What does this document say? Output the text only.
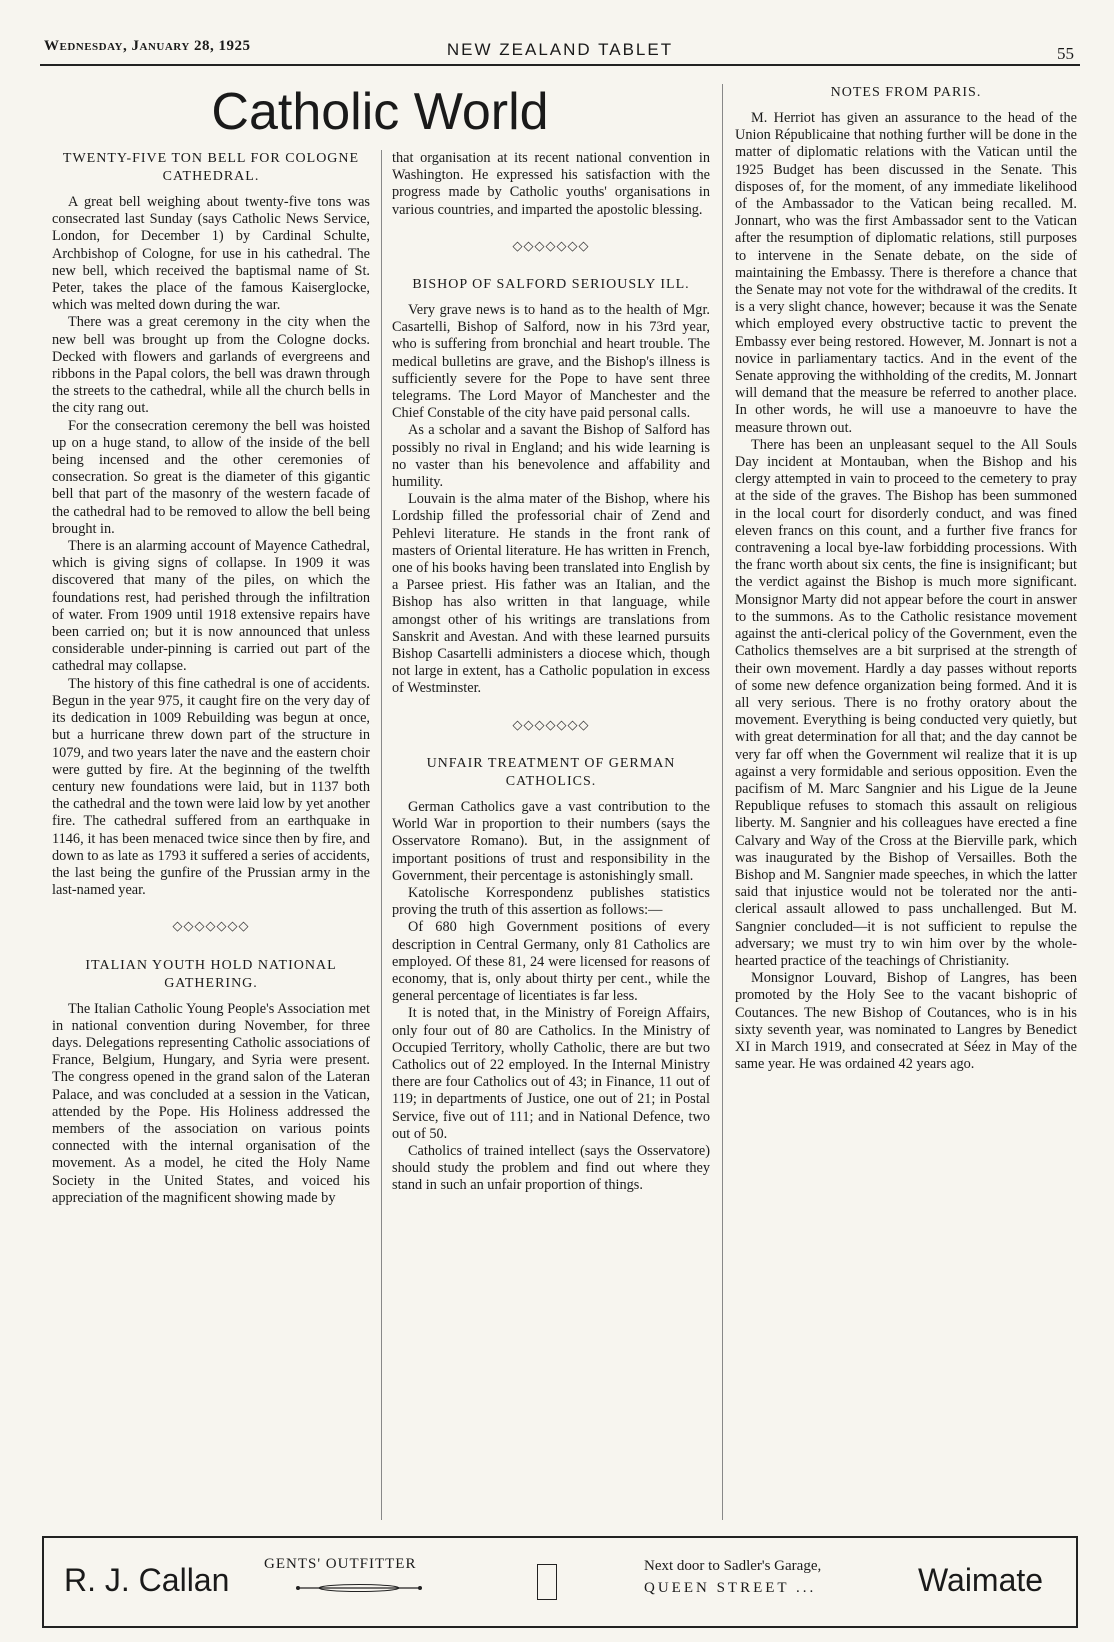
Wednesday, January 28, 1925	NEW ZEALAND TABLET	55
Catholic World
TWENTY-FIVE TON BELL FOR COLOGNE CATHEDRAL.

A great bell weighing about twenty-five tons was consecrated last Sunday (says Catholic News Service, London, for December 1) by Cardinal Schulte, Archbishop of Cologne, for use in his cathedral. The new bell, which received the baptismal name of St. Peter, takes the place of the famous Kaiserglocke, which was melted down during the war.

There was a great ceremony in the city when the new bell was brought up from the Cologne docks. Decked with flowers and garlands of evergreens and ribbons in the Papal colors, the bell was drawn through the streets to the cathedral, while all the church bells in the city rang out.

For the consecration ceremony the bell was hoisted up on a huge stand, to allow of the inside of the bell being incensed and the other ceremonies of consecration. So great is the diameter of this gigantic bell that part of the masonry of the western facade of the cathedral had to be removed to allow the bell being brought in.

There is an alarming account of Mayence Cathedral, which is giving signs of collapse. In 1909 it was discovered that many of the piles, on which the foundations rest, had perished through the infiltration of water. From 1909 until 1918 extensive repairs have been carried on; but it is now announced that unless considerable under-pinning is carried out part of the cathedral may collapse.

The history of this fine cathedral is one of accidents. Begun in the year 975, it caught fire on the very day of its dedication in 1009 Rebuilding was begun at once, but a hurricane threw down part of the structure in 1079, and two years later the nave and the eastern choir were gutted by fire. At the beginning of the twelfth century new foundations were laid, but in 1137 both the cathedral and the town were laid low by yet another fire. The cathedral suffered from an earthquake in 1146, it has been menaced twice since then by fire, and down to as late as 1793 it suffered a series of accidents, the last being the gunfire of the Prussian army in the last-named year.

◇◇◇◇◇◇◇
ITALIAN YOUTH HOLD NATIONAL GATHERING.

The Italian Catholic Young People's Association met in national convention during November, for three days. Delegations representing Catholic associations of France, Belgium, Hungary, and Syria were present. The congress opened in the grand salon of the Lateran Palace, and was concluded at a session in the Vatican, attended by the Pope. His Holiness addressed the members of the association on various points connected with the internal organisation of the movement. As a model, he cited the Holy Name Society in the United States, and voiced his appreciation of the magnificent showing made by

that organisation at its recent national convention in Washington. He expressed his satisfaction with the progress made by Catholic youths' organisations in various countries, and imparted the apostolic blessing.

◇◇◇◇◇◇◇
BISHOP OF SALFORD SERIOUSLY ILL.

Very grave news is to hand as to the health of Mgr. Casartelli, Bishop of Salford, now in his 73rd year, who is suffering from bronchial and heart trouble. The medical bulletins are grave, and the Bishop's illness is sufficiently severe for the Pope to have sent three telegrams. The Lord Mayor of Manchester and the Chief Constable of the city have paid personal calls.

As a scholar and a savant the Bishop of Salford has possibly no rival in England; and his wide learning is no vaster than his benevolence and affability and humility.

Louvain is the alma mater of the Bishop, where his Lordship filled the professorial chair of Zend and Pehlevi literature. He stands in the front rank of masters of Oriental literature. He has written in French, one of his books having been translated into English by a Parsee priest. His father was an Italian, and the Bishop has also written in that language, while amongst other of his writings are translations from Sanskrit and Avestan. And with these learned pursuits Bishop Casartelli administers a diocese which, though not large in extent, has a Catholic population in excess of Westminster.

◇◇◇◇◇◇◇
UNFAIR TREATMENT OF GERMAN CATHOLICS.

German Catholics gave a vast contribution to the World War in proportion to their numbers (says the Osservatore Romano). But, in the assignment of important positions of trust and responsibility in the Government, their percentage is astonishingly small.

Katolische Korrespondenz publishes statistics proving the truth of this assertion as follows:—

Of 680 high Government positions of every description in Central Germany, only 81 Catholics are employed. Of these 81, 24 were licensed for reasons of economy, that is, only about thirty per cent., while the general percentage of licentiates is far less.

It is noted that, in the Ministry of Foreign Affairs, only four out of 80 are Catholics. In the Ministry of Occupied Territory, wholly Catholic, there are but two Catholics out of 22 employed. In the Internal Ministry there are four Catholics out of 43; in Finance, 11 out of 119; in departments of Justice, one out of 21; in Postal Service, five out of 111; and in National Defence, two out of 50.

Catholics of trained intellect (says the Osservatore) should study the problem and find out where they stand in such an unfair proportion of things.

NOTES FROM PARIS.

M. Herriot has given an assurance to the head of the Union Républicaine that nothing further will be done in the matter of diplomatic relations with the Vatican until the 1925 Budget has been discussed in the Senate. This disposes of, for the moment, of any immediate likelihood of the Ambassador to the Vatican being recalled. M. Jonnart, who was the first Ambassador sent to the Vatican after the resumption of diplomatic relations, still purposes to intervene in the Senate debate, on the side of maintaining the Embassy. There is therefore a chance that the Senate may not vote for the withdrawal of the credits. It is a very slight chance, however; because it was the Senate which employed every obstructive tactic to prevent the Embassy ever being restored. However, M. Jonnart is not a novice in parliamentary tactics. And in the event of the Senate approving the withholding of the credits, M. Jonnart will demand that the measure be referred to another place. In other words, he will use a manoeuvre to have the measure thrown out.

There has been an unpleasant sequel to the All Souls Day incident at Montauban, when the Bishop and his clergy attempted in vain to proceed to the cemetery to pray at the side of the graves. The Bishop has been summoned in the local court for disorderly conduct, and was fined eleven francs on this count, and a further five francs for contravening a local bye-law forbidding processions. With the franc worth about six cents, the fine is insignificant; but the verdict against the Bishop is much more significant. Monsignor Marty did not appear before the court in answer to the summons. As to the Catholic resistance movement against the anti-clerical policy of the Government, even the Catholics themselves are a bit surprised at the strength of their own movement. Hardly a day passes without reports of some new defence organization being formed. And it is all very serious. There is no frothy oratory about the movement. Everything is being conducted very quietly, but with great determination for all that; and the day cannot be very far off when the Government wil realize that it is up against a very formidable and serious opposition. Even the pacifism of M. Marc Sangnier and his Ligue de la Jeune Republique refuses to stomach this assault on religious liberty. M. Sangnier and his colleagues have erected a fine Calvary and Way of the Cross at the Bierville park, which was inaugurated by the Bishop of Versailles. Both the Bishop and M. Sangnier made speeches, in which the latter said that injustice would not be tolerated nor the anti-clerical assault allowed to pass unchallenged. But M. Sangnier concluded—it is not sufficient to repulse the adversary; we must try to win him over by the whole-hearted practice of the teachings of Christianity.

Monsignor Louvard, Bishop of Langres, has been promoted by the Holy See to the vacant bishopric of Coutances. The new Bishop of Coutances, who is in his sixty seventh year, was nominated to Langres by Benedict XI in March 1919, and consecrated at Séez in May of the same year. He was ordained 42 years ago.

R. J. Callan GENTS' OUTFITTER	Next door to Sadler's Garage,
QUEEN STREET ...	Waimate
